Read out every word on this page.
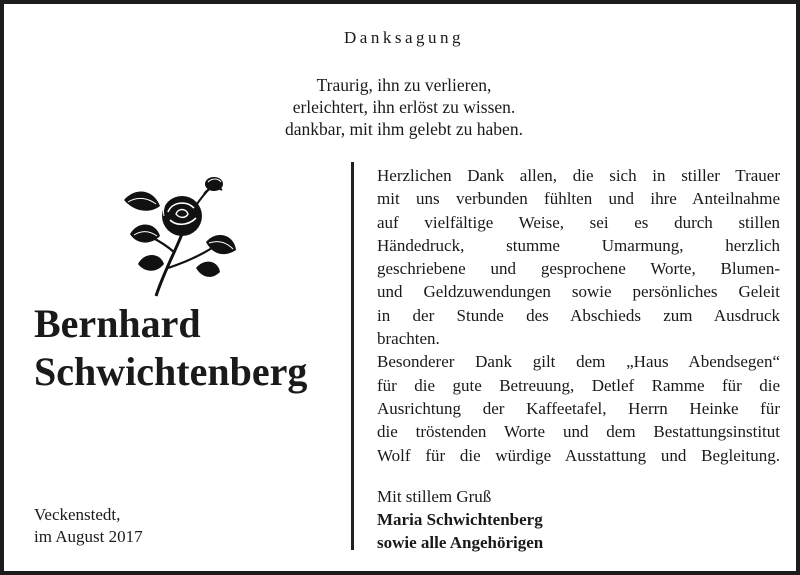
Danksagung
Traurig, ihn zu verlieren,
erleichtert, ihn erlöst zu wissen.
dankbar, mit ihm gelebt zu haben.
Bernhard
Schwichtenberg
Veckenstedt,
im August 2017
Herzlichen Dank allen, die sich in stiller Trauer
mit uns verbunden fühlten und ihre Anteilnahme
auf vielfältige Weise, sei es durch stillen
Händedruck, stumme Umarmung, herzlich
geschriebene und gesprochene Worte, Blumen-
und Geldzuwendungen sowie persönliches Geleit
in der Stunde des Abschieds zum Ausdruck
brachten.
Besonderer Dank gilt dem „Haus Abendsegen“
für die gute Betreuung, Detlef Ramme für die
Ausrichtung der Kaffeetafel, Herrn Heinke für
die tröstenden Worte und dem Bestattungsinstitut
Wolf für die würdige Ausstattung und Begleitung.
Mit stillem Gruß
Maria Schwichtenberg
sowie alle Angehörigen
